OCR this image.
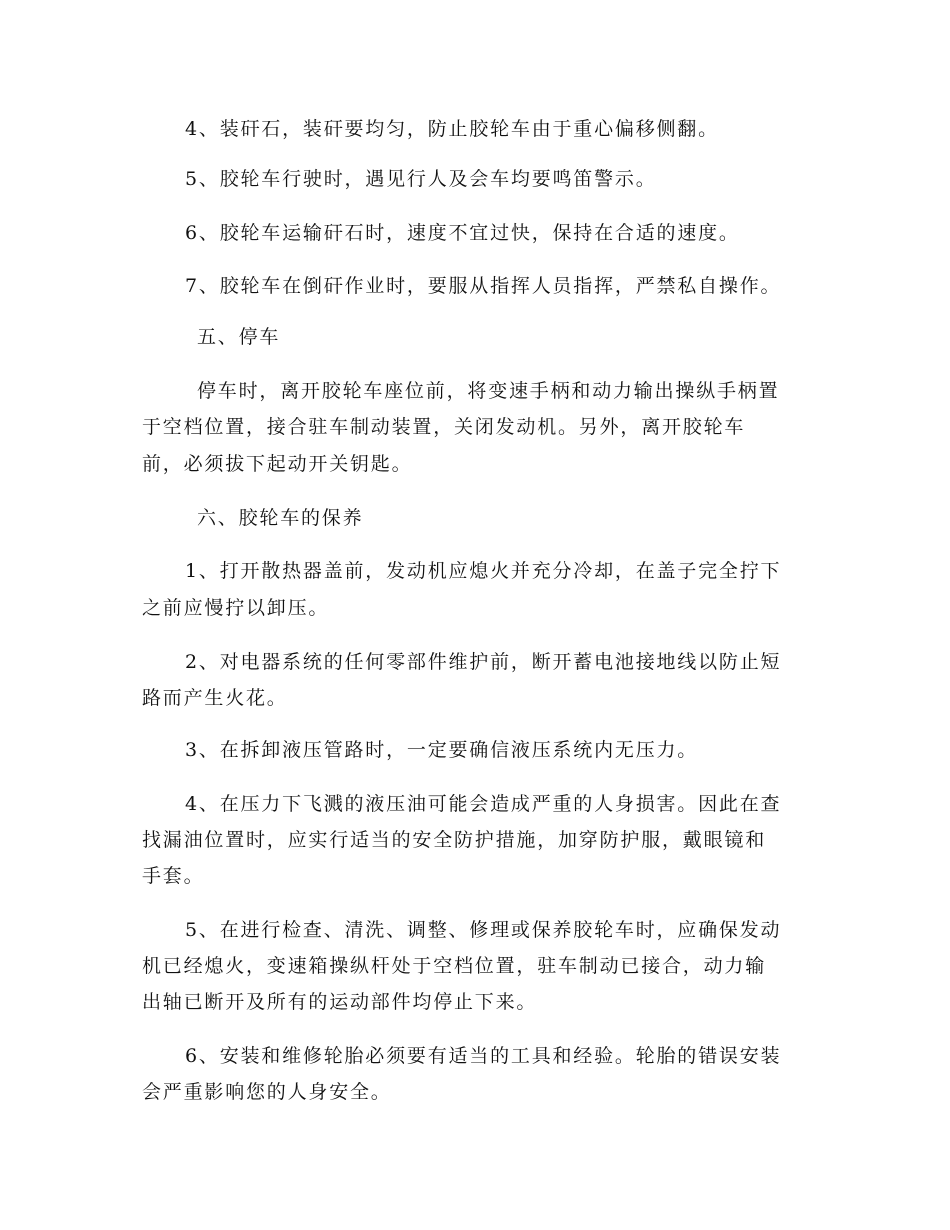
4、装矸石，装矸要均匀，防止胶轮车由于重心偏移侧翻。
5、胶轮车行驶时，遇见行人及会车均要鸣笛警示。
6、胶轮车运输矸石时，速度不宜过快，保持在合适的速度。
7、胶轮车在倒矸作业时，要服从指挥人员指挥，严禁私自操作。
五、停车
停车时，离开胶轮车座位前，将变速手柄和动力输出操纵手柄置
于空档位置，接合驻车制动装置，关闭发动机。另外，离开胶轮车
前，必须拔下起动开关钥匙。
六、胶轮车的保养
1、打开散热器盖前，发动机应熄火并充分冷却，在盖子完全拧下
之前应慢拧以卸压。
2、对电器系统的任何零部件维护前，断开蓄电池接地线以防止短
路而产生火花。
3、在拆卸液压管路时，一定要确信液压系统内无压力。
4、在压力下飞溅的液压油可能会造成严重的人身损害。因此在查
找漏油位置时，应实行适当的安全防护措施，加穿防护服，戴眼镜和
手套。
5、在进行检查、清洗、调整、修理或保养胶轮车时，应确保发动
机已经熄火，变速箱操纵杆处于空档位置，驻车制动已接合，动力输
出轴已断开及所有的运动部件均停止下来。
6、安装和维修轮胎必须要有适当的工具和经验。轮胎的错误安装
会严重影响您的人身安全。
